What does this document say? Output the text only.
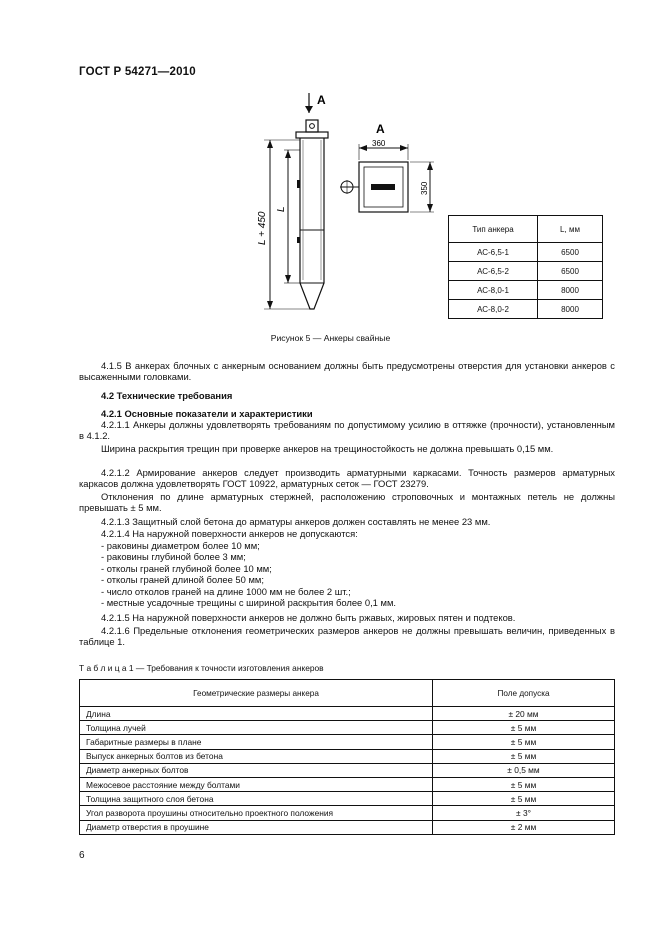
ГОСТ Р 54271—2010
A
L + 450
L
A
360
350
Тип анкера	L, мм
АС-6,5-1	6500
АС-6,5-2	6500
АС-8,0-1	8000
АС-8,0-2	8000
Рисунок 5 — Анкеры свайные
4.1.5 В анкерах блочных с анкерным основанием должны быть предусмотрены отверстия для установки анкеров с высаженными головками.
4.2 Технические требования
4.2.1 Основные показатели и характеристики
4.2.1.1 Анкеры должны удовлетворять требованиям по допустимому усилию в оттяжке (прочности), установленным в 4.1.2.
Ширина раскрытия трещин при проверке анкеров на трещиностойкость не должна превышать 0,15 мм.
4.2.1.2 Армирование анкеров следует производить арматурными каркасами. Точность размеров арматурных каркасов должна удовлетворять ГОСТ 10922, арматурных сеток — ГОСТ 23279.
Отклонения по длине арматурных стержней, расположению строповочных и монтажных петель не должны превышать ± 5 мм.
4.2.1.3 Защитный слой бетона до арматуры анкеров должен составлять не менее 23 мм.
4.2.1.4 На наружной поверхности анкеров не допускаются:
- раковины диаметром более 10 мм;
- раковины глубиной более 3 мм;
- отколы граней глубиной более 10 мм;
- отколы граней длиной более 50 мм;
- число отколов граней на длине 1000 мм не более 2 шт.;
- местные усадочные трещины с шириной раскрытия более 0,1 мм.
4.2.1.5 На наружной поверхности анкеров не должно быть ржавых, жировых пятен и подтеков.
4.2.1.6 Предельные отклонения геометрических размеров анкеров не должны превышать величин, приведенных в таблице 1.
Т а б л и ц а 1 — Требования к точности изготовления анкеров
Геометрические размеры анкера	Поле допуска
Длина	± 20 мм
Толщина лучей	± 5 мм
Габаритные размеры в плане	± 5 мм
Выпуск анкерных болтов из бетона	± 5 мм
Диаметр анкерных болтов	± 0,5 мм
Межосевое расстояние между болтами	± 5 мм
Толщина защитного слоя бетона	± 5 мм
Угол разворота проушины относительно проектного положения	± 3°
Диаметр отверстия в проушине	± 2 мм
6
